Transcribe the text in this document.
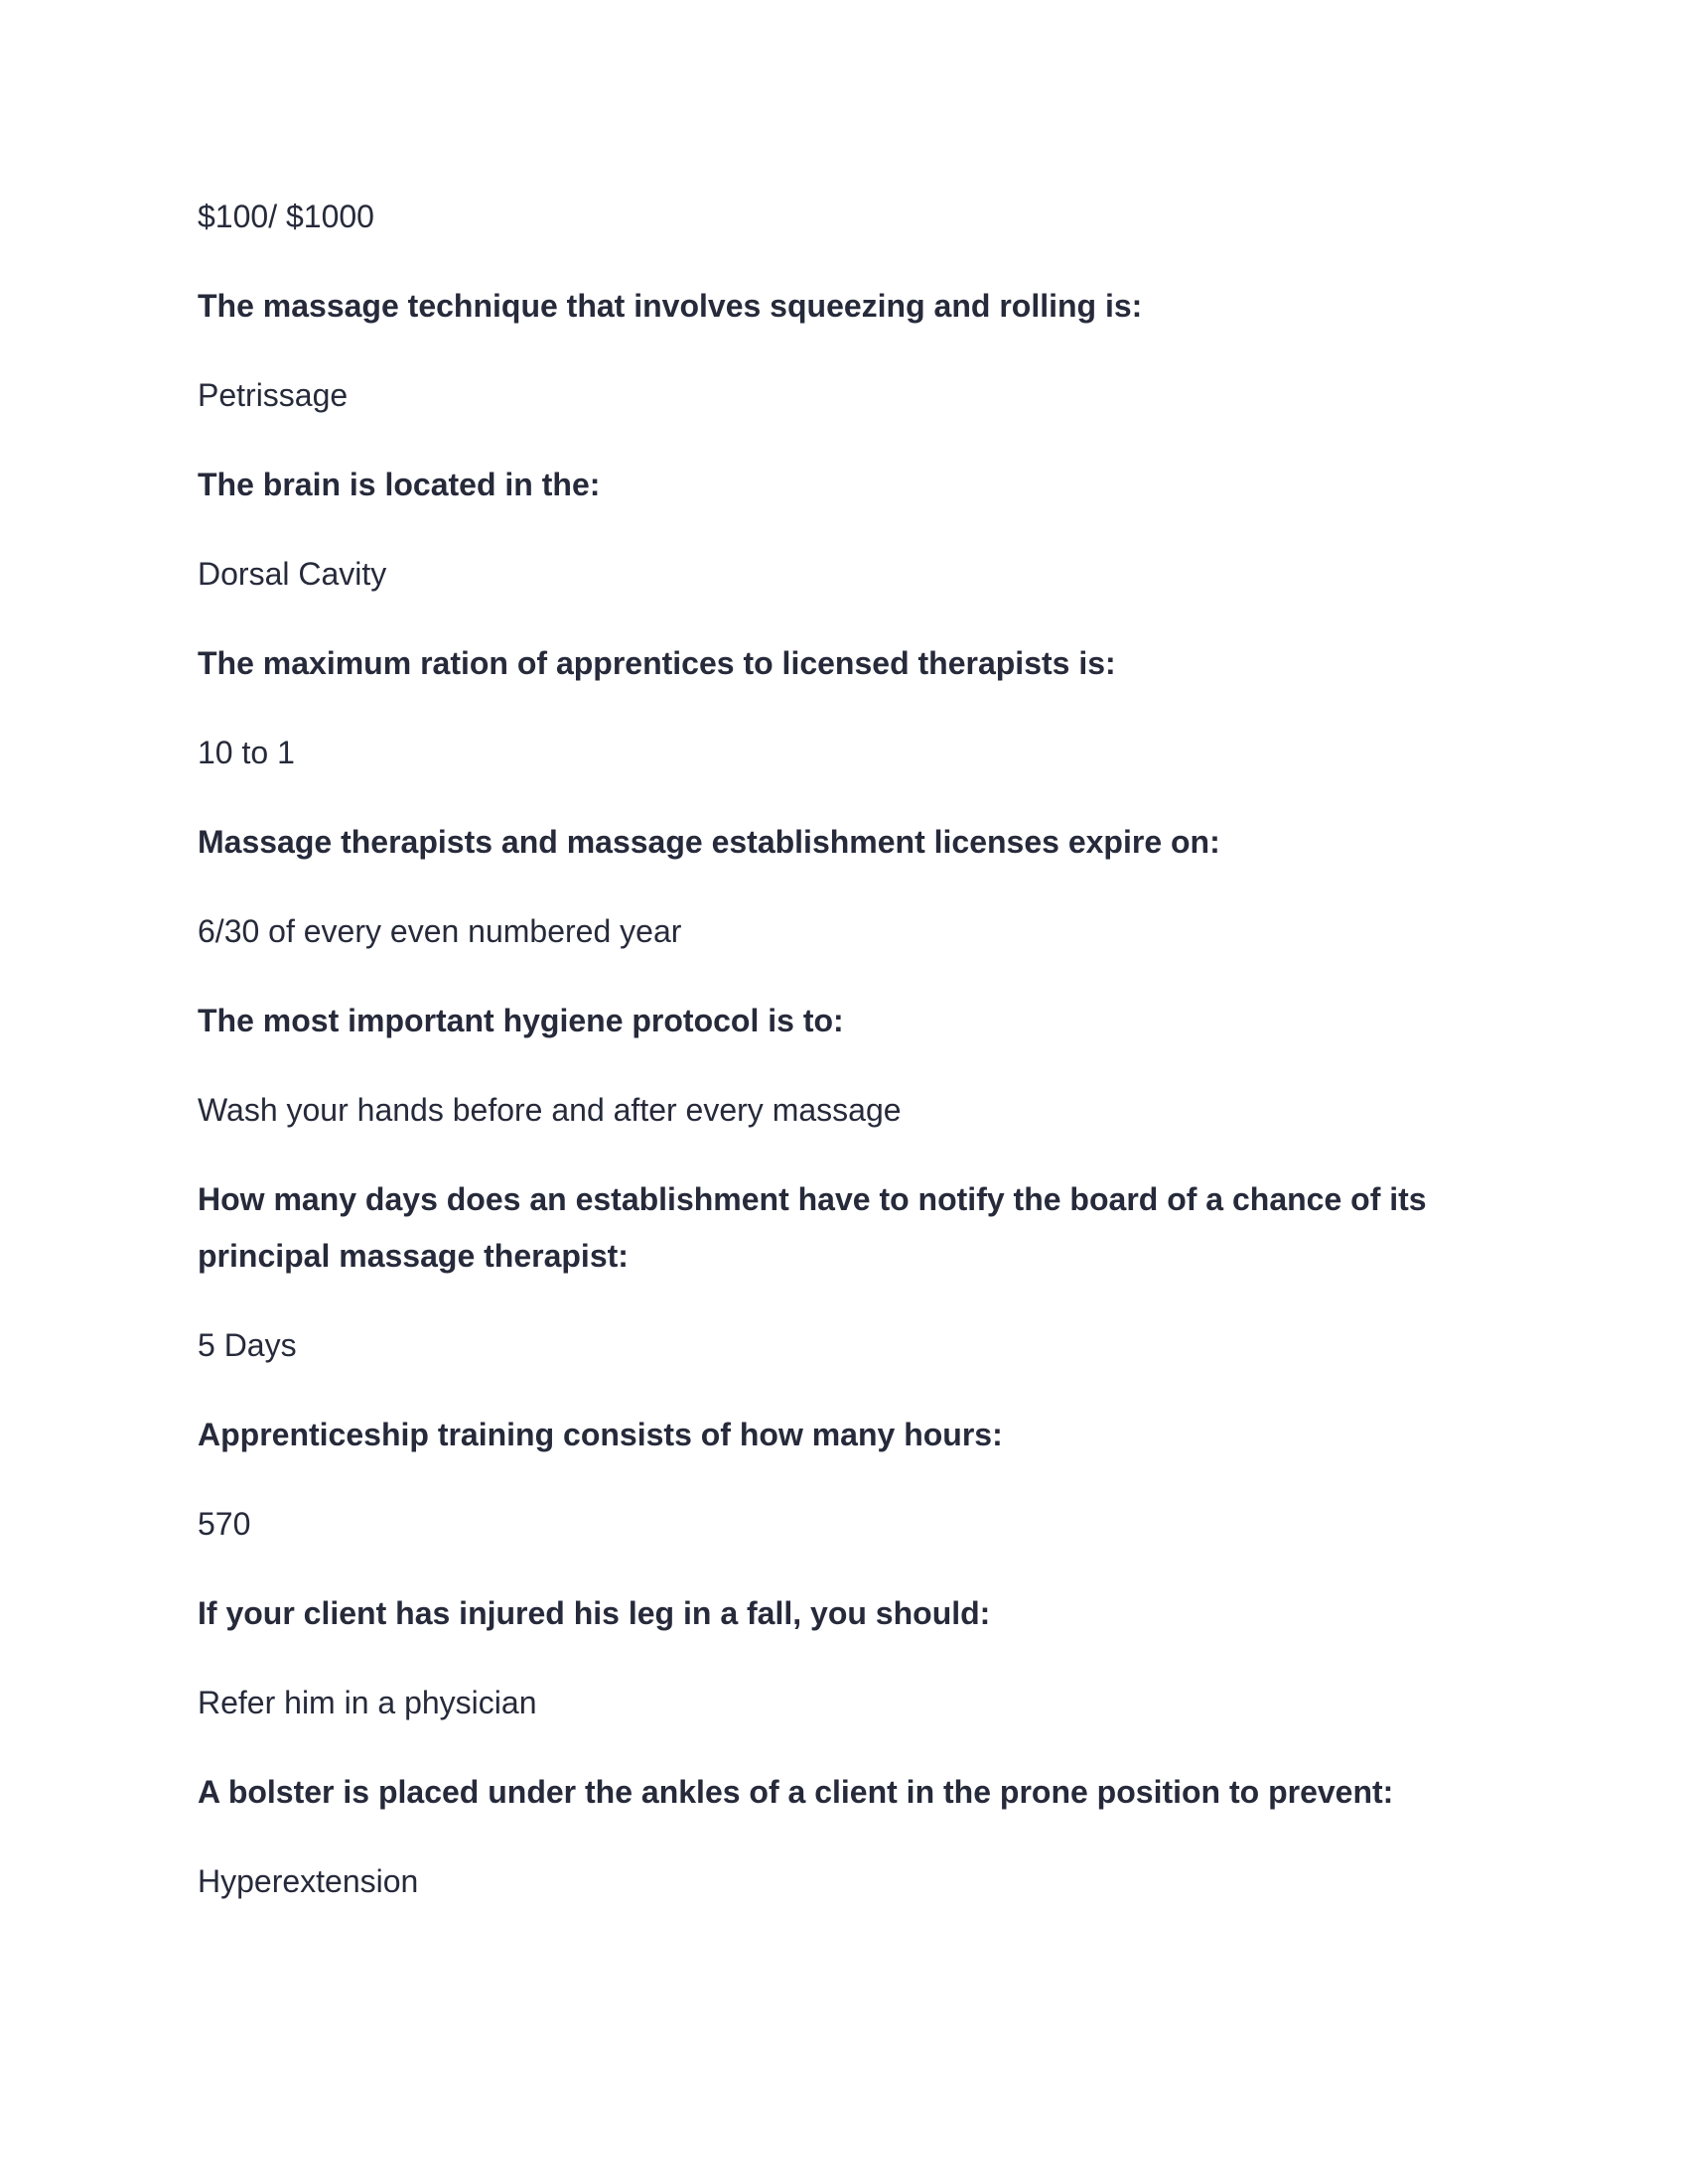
$100/ $1000

The massage technique that involves squeezing and rolling is:

Petrissage

The brain is located in the:

Dorsal Cavity

The maximum ration of apprentices to licensed therapists is:

10 to 1

Massage therapists and massage establishment licenses expire on:

6/30 of every even numbered year

The most important hygiene protocol is to:

Wash your hands before and after every massage

How many days does an establishment have to notify the board of a chance of its principal massage therapist:

5 Days

Apprenticeship training consists of how many hours:

570

If your client has injured his leg in a fall, you should:

Refer him in a physician

A bolster is placed under the ankles of a client in the prone position to prevent:

Hyperextension
